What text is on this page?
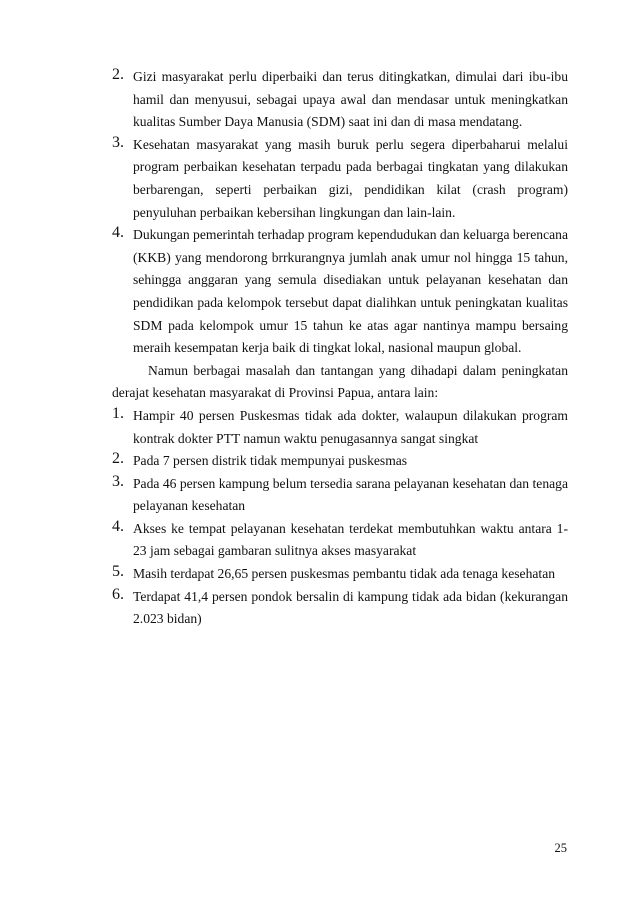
2. Gizi masyarakat perlu diperbaiki dan terus ditingkatkan, dimulai dari ibu-ibu hamil dan menyusui, sebagai upaya awal dan mendasar untuk meningkatkan kualitas Sumber Daya Manusia (SDM) saat ini dan di masa mendatang.
3. Kesehatan masyarakat yang masih buruk perlu segera diperbaharui melalui program perbaikan kesehatan terpadu pada berbagai tingkatan yang dilakukan berbarengan, seperti perbaikan gizi, pendidikan kilat (crash program) penyuluhan perbaikan kebersihan lingkungan dan lain-lain.
4. Dukungan pemerintah terhadap program kependudukan dan keluarga berencana (KKB) yang mendorong brrkurangnya jumlah anak umur nol hingga 15 tahun, sehingga anggaran yang semula disediakan untuk pelayanan kesehatan dan pendidikan pada kelompok tersebut dapat dialihkan untuk peningkatan kualitas SDM pada kelompok umur 15 tahun ke atas agar nantinya mampu bersaing meraih kesempatan kerja baik di tingkat lokal, nasional maupun global.

Namun berbagai masalah dan tantangan yang dihadapi dalam peningkatan derajat kesehatan masyarakat di Provinsi Papua, antara lain:

1. Hampir 40 persen Puskesmas tidak ada dokter, walaupun dilakukan program kontrak dokter PTT namun waktu penugasannya sangat singkat
2. Pada 7 persen distrik tidak mempunyai puskesmas
3. Pada 46 persen kampung belum tersedia sarana pelayanan kesehatan dan tenaga pelayanan kesehatan
4. Akses ke tempat pelayanan kesehatan terdekat membutuhkan waktu antara 1-23 jam sebagai gambaran sulitnya akses masyarakat
5. Masih terdapat 26,65 persen puskesmas pembantu tidak ada tenaga kesehatan
6. Terdapat 41,4 persen pondok bersalin di kampung tidak ada bidan (kekurangan 2.023 bidan)
25
